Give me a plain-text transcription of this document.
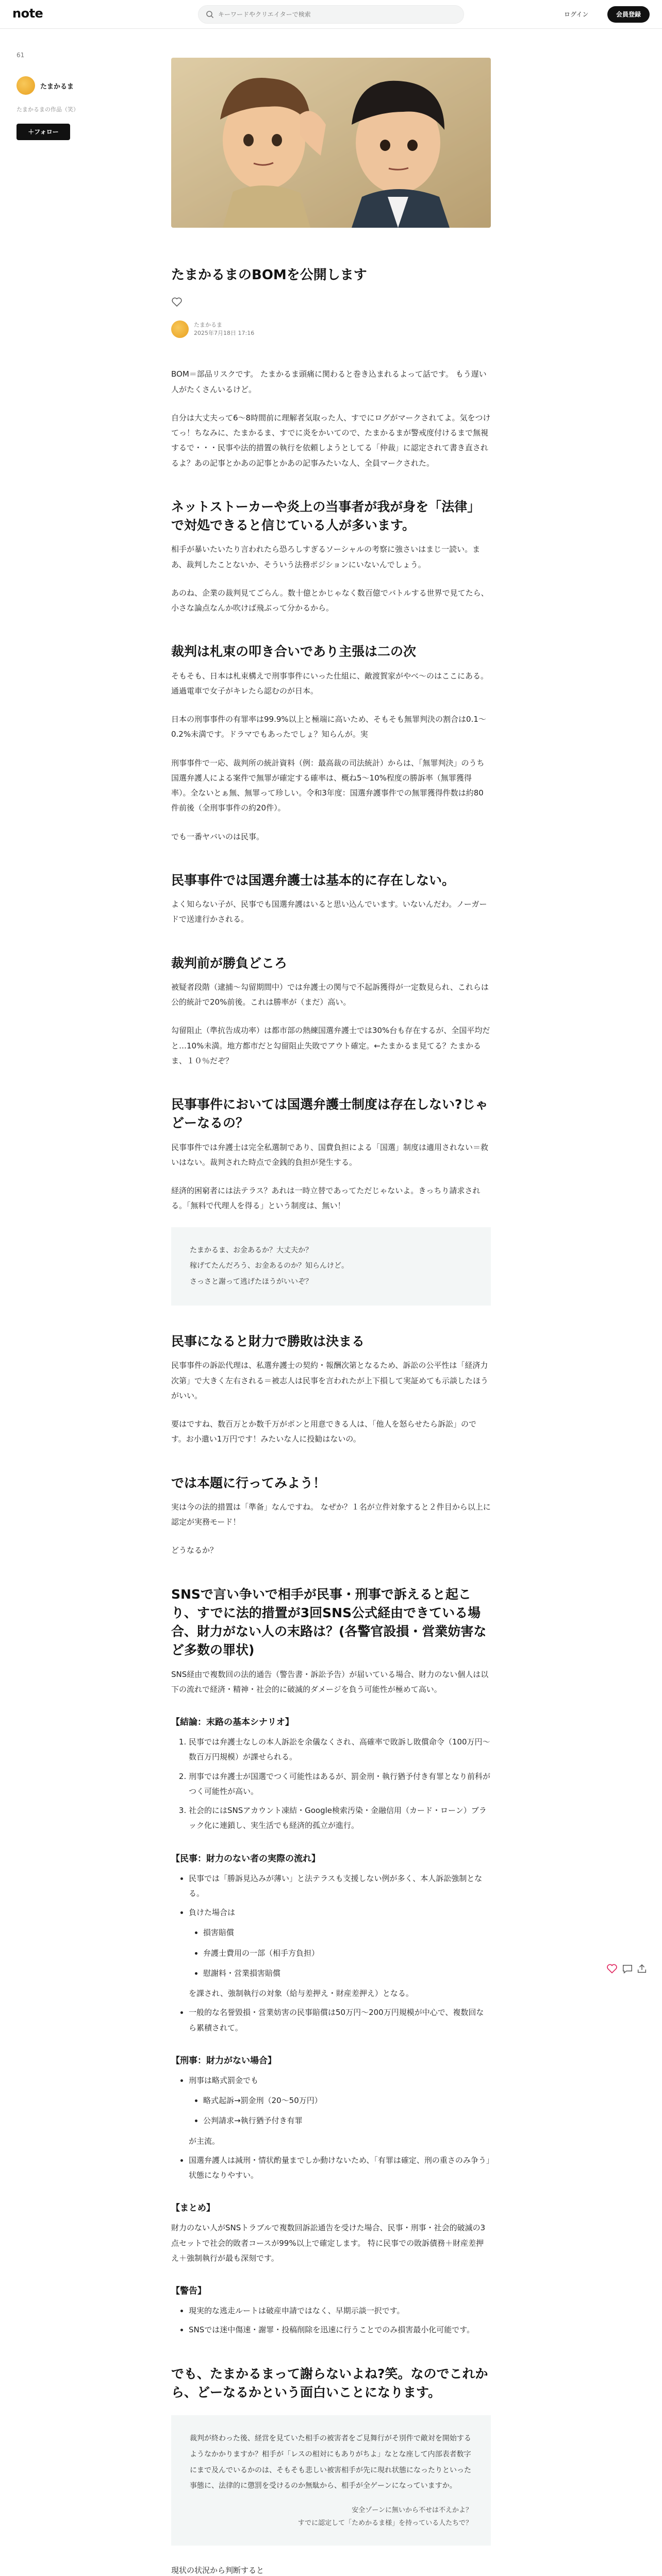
note
キーワードやクリエイターで検索	ログイン	会員登録
61
たまかるま
たまかるまの作品（笑）
＋フォロー
たまかるまのBOMを公開します
たまかるま
2025年7月18日 17:16

BOM＝部品リスクです。 たまかるま頭痛に関わると巻き込まれるよって話です。 もう遅い人がたくさんいるけど。

自分は大丈夫って6〜8時間前に理解者気取った人、すでにログがマークされてよ。気をつけてっ！ちなみに、たまかるま、すでに炎をかいてので、たまかるまが警戒度付けるまで無視するで・・・民事や法的措置の執行を依頼しようとしてる「仲裁」に認定されて書き直されるよ？あの記事とかあの記事とかあの記事みたいな人、全員マークされた。

ネットストーカーや炎上の当事者が我が身を「法律」で対処できると信じている人が多います。

相手が暴いたいたり言われたら恐ろしすぎるソーシャルの考察に強さいはまじ一読い。まあ、裁判したことないか、そういう法務ポジションにいないんでしょう。

あのね、企業の裁判見てごらん。数十億とかじゃなく数百億でバトルする世界で見てたら、小さな論点なんか吹けば飛ぶって分かるから。

裁判は札束の叩き合いであり主張は二の次

そもそも、日本は札束構えで刑事事件にいった仕組に、敵渡賀家がやべ〜のはここにある。通過電車で女子がキレたら認むのが日本。

日本の刑事事件の有罪率は99.9%以上と極端に高いため、そもそも無罪判決の割合は0.1〜0.2%未満です。ドラマでもあったでしょ？知らんが。実

刑事事件で一応、裁判所の統計資料（例：最高裁の司法統計）からは、「無罪判決」のうち国選弁護人による案件で無罪が確定する確率は、概ね5〜10%程度の勝訴率（無罪獲得率）。全ないとぁ無、無罪って珍しい。令和3年度：国選弁護事件での無罪獲得件数は約80件前後（全刑事事件の約20件）。

でも一番ヤバいのは民事。

民事事件では国選弁護士は基本的に存在しない。

よく知らない子が、民事でも国選弁護はいると思い込んでいます。いないんだわ。ノーガードで送達行かされる。

裁判前が勝負どころ

被疑者段階（逮捕〜勾留期間中）では弁護士の関与で不起訴獲得が一定数見られ、これらは公的統計で20%前後。これは勝率が（まだ）高い。

勾留阻止（準抗告成功率）は都市部の熱練国選弁護士では30%台も存在するが、全国平均だと…10%未満。地方都市だと勾留阻止失敗でアウト確定。←たまかるま見てる？たまかるま、１０％だぞ？

民事事件においては国選弁護士制度は存在しない?じゃどーなるの？

民事事件では弁護士は完全私選制であり、国費負担による「国選」制度は適用されない＝救いはない。裁判された時点で金銭的負担が発生する。

経済的困窮者には法テラス？あれは一時立替であってただじゃないよ。きっちり請求される。「無料で代理人を得る」という制度は、無い！

たまかるま、お金あるか？大丈夫か？

稼げてたんだろう、お金あるのか？知らんけど。

さっさと謝って逃げたほうがいいぞ？

民事になると財力で勝敗は決まる

民事事件の訴訟代理は、私選弁護士の契約・報酬次第となるため、訴訟の公平性は「経済力次第」で大きく左右される＝被志人は民事を言われたが上下損して実証めても示談したほうがいい。

要はですね、数百万とか数千万がポンと用意できる人は、「他人を怒らせたら訴訟」のです。お小遣い1万円です！みたいな人に投勧はないの。

では本題に行ってみよう！

実は今の法的措置は「準备」なんですね。 なぜか？１名が立件対象すると２件目から以上に認定が実務モード！

どうなるか？

SNSで言い争いで相手が民事・刑事で訴えると起こり、すでに法的措置が3回SNS公式経由できている場合、財力がない人の末路は？(各警官設損・営業妨害など多数の罪状)

SNS経由で複数回の法的通告（警告書・訴訟予告）が届いている場合、財力のない個人は以下の流れで経済・精神・社会的に破滅的ダメージを負う可能性が極めて高い。

【結論：末路の基本シナリオ】
1. 民事では弁護士なしの本人訴訟を余儀なくされ、高確率で敗訴し敗償命令（100万円〜数百万円規模）が課せられる。
2. 刑事では弁護士が国選でつく可能性はあるが、罰金刑・執行猶予付き有罪となり前科がつく可能性が高い。
3. 社会的にはSNSアカウント凍結・Google検索汚染・金融信用（カード・ローン）ブラック化に連鎖し、実生活でも経済的孤立が進行。
【民事：財力のない者の実際の流れ】
• 民事では「勝訴見込みが薄い」と法テラスも支援しない例が多く、本人訴訟強制となる。
• 負けた場合は
• 損害賠償
• 弁護士費用の一部（相手方負担）
• 慰謝料・営業損害賠償
を課され、強制執行の対象（給与差押え・財産差押え）となる。
• 一般的な名誉毀損・営業妨害の民事賠償は50万円〜200万円規模が中心で、複数回なら累積されて。
【刑事：財力がない場合】
• 刑事は略式罰金でも
• 略式起訴→罰金刑（20〜50万円）
• 公判請求→執行猶予付き有罪
が主流。
• 国選弁護人は減刑・情状酌量までしか動けないため、「有罪は確定、刑の重さのみ争う」状態になりやすい。
【まとめ】

財力のない人がSNSトラブルで複数回訴訟通告を受けた場合、民事・刑事・社会的破滅の3点セットで社会的敗者コースが99%以上で確定します。 特に民事での敗訴債務＋財産差押え＋強制執行が最も深刻です。

【警告】
• 現実的な逃走ルートは破産申請ではなく、早期示談一択です。
• SNSでは迷中傷速・謝罪・投稿削除を迅速に行うことでのみ損害最小化可能です。
でも、たまかるまって謝らないよね?笑。なのでこれから、どーなるかという面白いことになります。

裁判が終わった後、経営を見ていた相手の被害者をご見舞行がそ別件で敵対を開始するようなかかりますか？相手が「レスの相対にもありがちよ」なとな座して内部表者数字にまで及んでいるかのは、そもそも悲しい被害相手が先に現れ状態になったりといった事態に、法律的に懲罰を受けるのか無駄から、相手が全ゲーンになっていますか。

安全ゾーンに無いから不せは不えかよ？
すでに認定して「ためかるま様」を持っている人たちで？

現状の状況から判断すると
